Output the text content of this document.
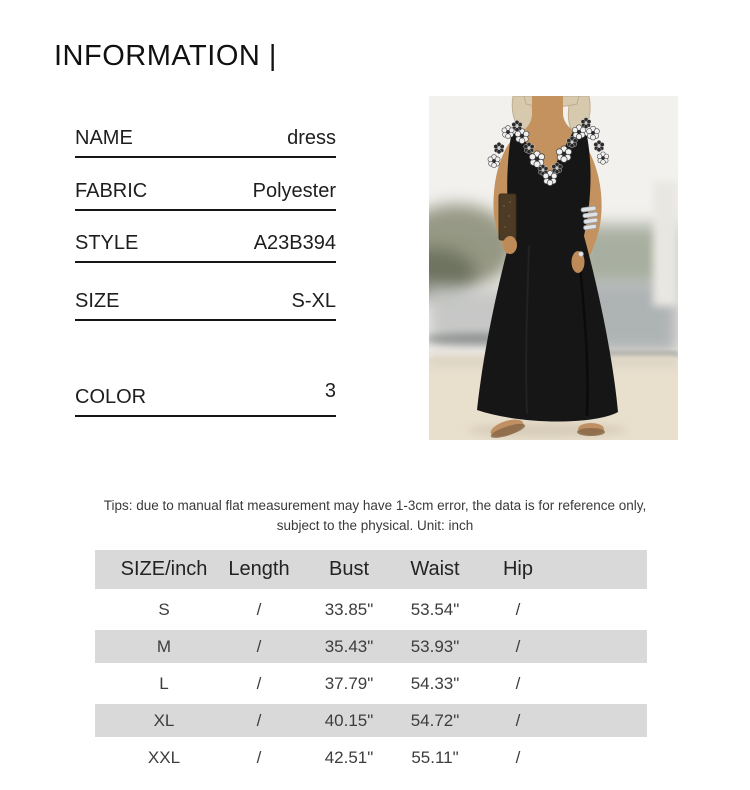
INFORMATION |
NAME	dress
FABRIC	Polyester
STYLE	A23B394
SIZE	S-XL
COLOR	3
Tips: due to manual flat measurement may have 1-3cm error, the data is for reference only,
subject to the physical. Unit: inch
SIZE/inch	Length	Bust	Waist	Hip
S	/	33.85"	53.54"	/
M	/	35.43"	53.93"	/
L	/	37.79"	54.33"	/
XL	/	40.15"	54.72"	/
XXL	/	42.51"	55.11"	/
